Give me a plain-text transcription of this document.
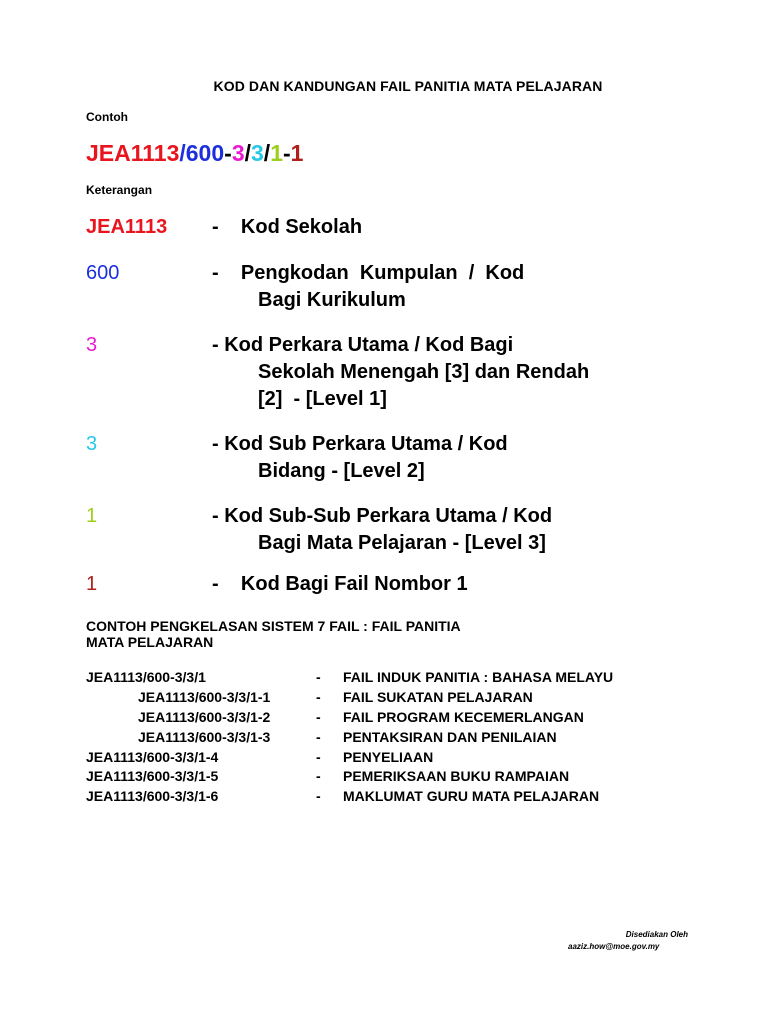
KOD DAN KANDUNGAN FAIL PANITIA MATA PELAJARAN
Contoh
JEA1113/600-3/3/1-1
Keterangan
JEA1113 - Kod Sekolah
600	- Pengkodan  Kumpulan  /  Kod
Bagi Kurikulum
3	- Kod Perkara Utama / Kod Bagi
Sekolah Menengah [3] dan Rendah
[2]  - [Level 1]
3	- Kod Sub Perkara Utama / Kod
Bidang - [Level 2]
1	- Kod Sub-Sub Perkara Utama / Kod
Bagi Mata Pelajaran - [Level 3]
1	- Kod Bagi Fail Nombor 1
CONTOH PENGKELASAN SISTEM 7 FAIL : FAIL PANITIA
MATA PELAJARAN
JEA1113/600-3/3/1	- FAIL INDUK PANITIA : BAHASA MELAYU
JEA1113/600-3/3/1-1	- FAIL SUKATAN PELAJARAN
JEA1113/600-3/3/1-2	- FAIL PROGRAM KECEMERLANGAN
JEA1113/600-3/3/1-3	- PENTAKSIRAN DAN PENILAIAN
JEA1113/600-3/3/1-4	- PENYELIAAN
JEA1113/600-3/3/1-5	- PEMERIKSAAN BUKU RAMPAIAN
JEA1113/600-3/3/1-6	- MAKLUMAT GURU MATA PELAJARAN
Disediakan Oleh
aaziz.how@moe.gov.my
